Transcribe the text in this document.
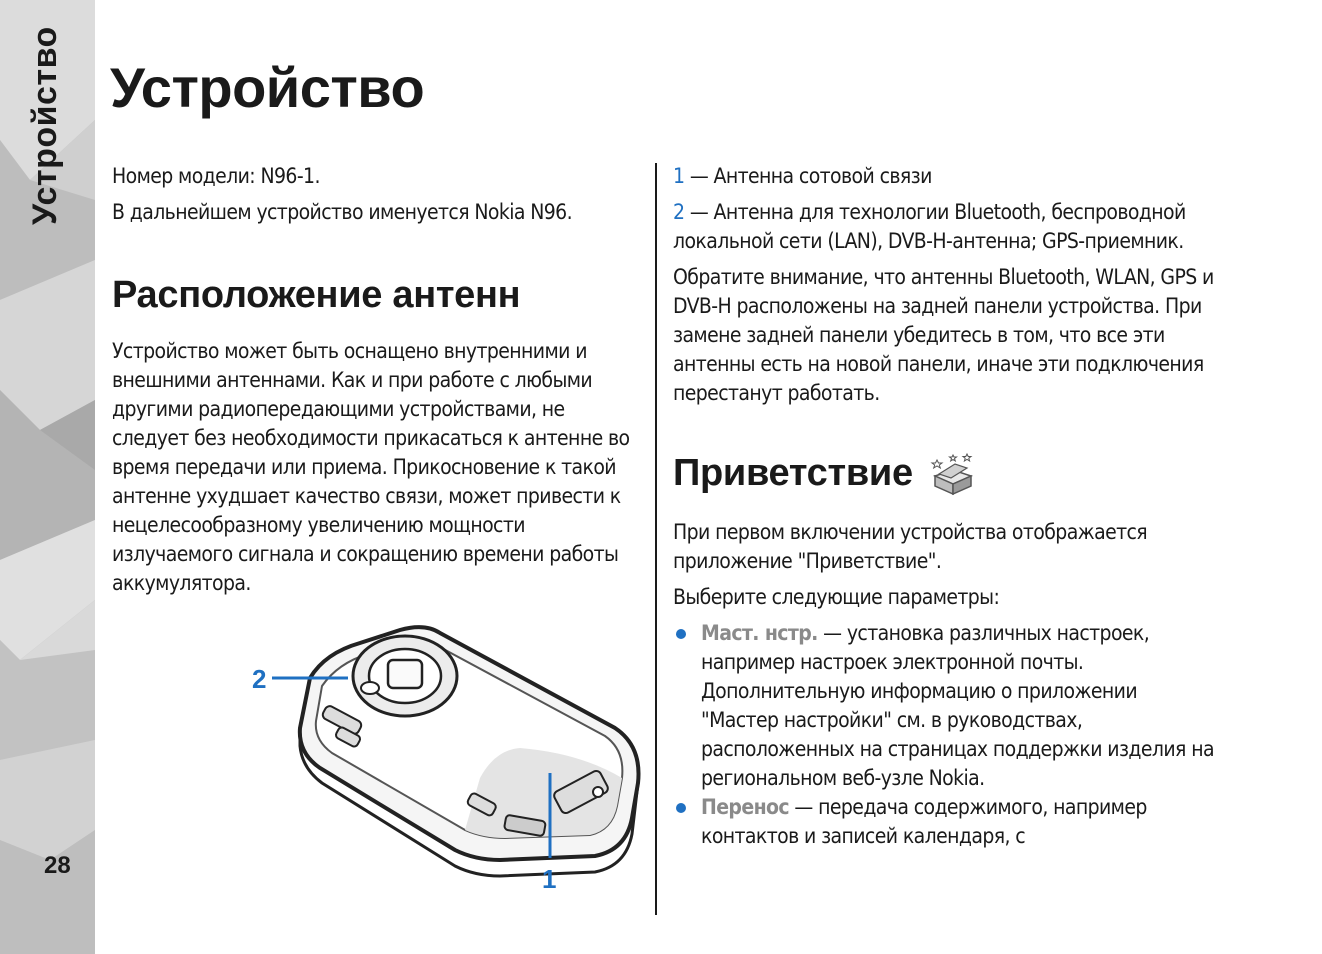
Устройство
28
Устройство

Номер модели: N96-1.

В дальнейшем устройство именуется Nokia N96.

Расположение антенн

Устройство может быть оснащено внутренними и внешними антеннами. Как и при работе с любыми другими радиопередающими устройствами, не следует без необходимости прикасаться к антенне во время передачи или приема. Прикосновение к такой антенне ухудшает качество связи, может привести к нецелесообразному увеличению мощности излучаемого сигнала и сокращению времени работы аккумулятора.

2
1

1 — Антенна сотовой связи

2 — Антенна для технологии Bluetooth, беспроводной локальной сети (LAN), DVB-H-антенна; GPS-приемник.

Обратите внимание, что антенны Bluetooth, WLAN, GPS и DVB-H расположены на задней панели устройства. При замене задней панели убедитесь в том, что все эти антенны есть на новой панели, иначе эти подключения перестанут работать.

Приветствие

При первом включении устройства отображается приложение "Приветствие".

Выберите следующие параметры:

Маст. нстр. — установка различных настроек, например настроек электронной почты. Дополнительную информацию о приложении "Мастер настройки" см. в руководствах, расположенных на страницах поддержки изделия на региональном веб-узле Nokia.
Перенос — передача содержимого, например контактов и записей календаря, с
